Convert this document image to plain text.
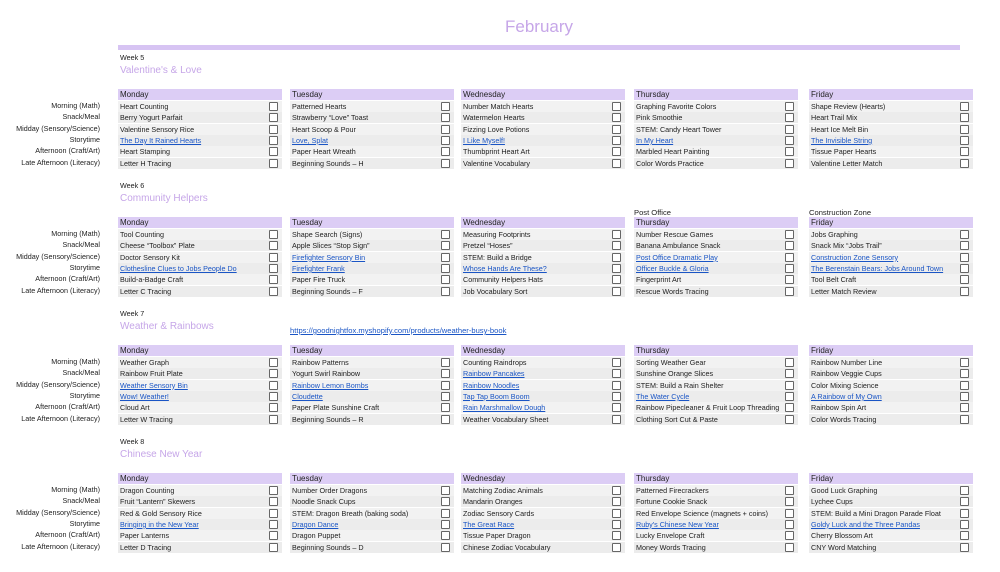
February
Week 5
Valentine's & Love
Morning (Math)
Snack/Meal
Midday (Sensory/Science)
Storytime
Afternoon (Craft/Art)
Late Afternoon (Literacy)
Monday
Heart Counting
Berry Yogurt Parfait
Valentine Sensory Rice
The Day It Rained Hearts
Heart Stamping
Letter H Tracing
Tuesday
Patterned Hearts
Strawberry “Love” Toast
Heart Scoop & Pour
Love, Splat
Paper Heart Wreath
Beginning Sounds – H
Wednesday
Number Match Hearts
Watermelon Hearts
Fizzing Love Potions
I Like Myself!
Thumbprint Heart Art
Valentine Vocabulary
Thursday
Graphing Favorite Colors
Pink Smoothie
STEM: Candy Heart Tower
In My Heart
Marbled Heart Painting
Color Words Practice
Friday
Shape Review (Hearts)
Heart Trail Mix
Heart Ice Melt Bin
The Invisible String
Tissue Paper Hearts
Valentine Letter Match
Week 6
Community Helpers
Post Office	Construction Zone
Morning (Math)
Snack/Meal
Midday (Sensory/Science)
Storytime
Afternoon (Craft/Art)
Late Afternoon (Literacy)
Monday
Tool Counting
Cheese “Toolbox” Plate
Doctor Sensory Kit
Clothesline Clues to Jobs People Do
Build-a-Badge Craft
Letter C Tracing
Tuesday
Shape Search (Signs)
Apple Slices “Stop Sign”
Firefighter Sensory Bin
Firefighter Frank
Paper Fire Truck
Beginning Sounds – F
Wednesday
Measuring Footprints
Pretzel “Hoses”
STEM: Build a Bridge
Whose Hands Are These?
Community Helpers Hats
Job Vocabulary Sort
Thursday
Number Rescue Games
Banana Ambulance Snack
Post Office Dramatic Play
Officer Buckle & Gloria
Fingerprint Art
Rescue Words Tracing
Friday
Jobs Graphing
Snack Mix “Jobs Trail”
Construction Zone Sensory
The Berenstain Bears: Jobs Around Town
Tool Belt Craft
Letter Match Review
Week 7
Weather & Rainbows	https://goodnightfox.myshopify.com/products/weather-busy-book
Morning (Math)
Snack/Meal
Midday (Sensory/Science)
Storytime
Afternoon (Craft/Art)
Late Afternoon (Literacy)
Monday
Weather Graph
Rainbow Fruit Plate
Weather Sensory Bin
Wow! Weather!
Cloud Art
Letter W Tracing
Tuesday
Rainbow Patterns
Yogurt Swirl Rainbow
Rainbow Lemon Bombs
Cloudette
Paper Plate Sunshine Craft
Beginning Sounds – R
Wednesday
Counting Raindrops
Rainbow Pancakes
Rainbow Noodles
Tap Tap Boom Boom
Rain Marshmallow Dough
Weather Vocabulary Sheet
Thursday
Sorting Weather Gear
Sunshine Orange Slices
STEM: Build a Rain Shelter
The Water Cycle
Rainbow Pipecleaner & Fruit Loop Threading
Clothing Sort Cut & Paste
Friday
Rainbow Number Line
Rainbow Veggie Cups
Color Mixing Science
A Rainbow of My Own
Rainbow Spin Art
Color Words Tracing
Week 8
Chinese New Year
Morning (Math)
Snack/Meal
Midday (Sensory/Science)
Storytime
Afternoon (Craft/Art)
Late Afternoon (Literacy)
Monday
Dragon Counting
Fruit “Lantern” Skewers
Red & Gold Sensory Rice
Bringing in the New Year
Paper Lanterns
Letter D Tracing
Tuesday
Number Order Dragons
Noodle Snack Cups
STEM: Dragon Breath (baking soda)
Dragon Dance
Dragon Puppet
Beginning Sounds – D
Wednesday
Matching Zodiac Animals
Mandarin Oranges
Zodiac Sensory Cards
The Great Race
Tissue Paper Dragon
Chinese Zodiac Vocabulary
Thursday
Patterned Firecrackers
Fortune Cookie Snack
Red Envelope Science (magnets + coins)
Ruby's Chinese New Year
Lucky Envelope Craft
Money Words Tracing
Friday
Good Luck Graphing
Lychee Cups
STEM: Build a Mini Dragon Parade Float
Goldy Luck and the Three Pandas
Cherry Blossom Art
CNY Word Matching
